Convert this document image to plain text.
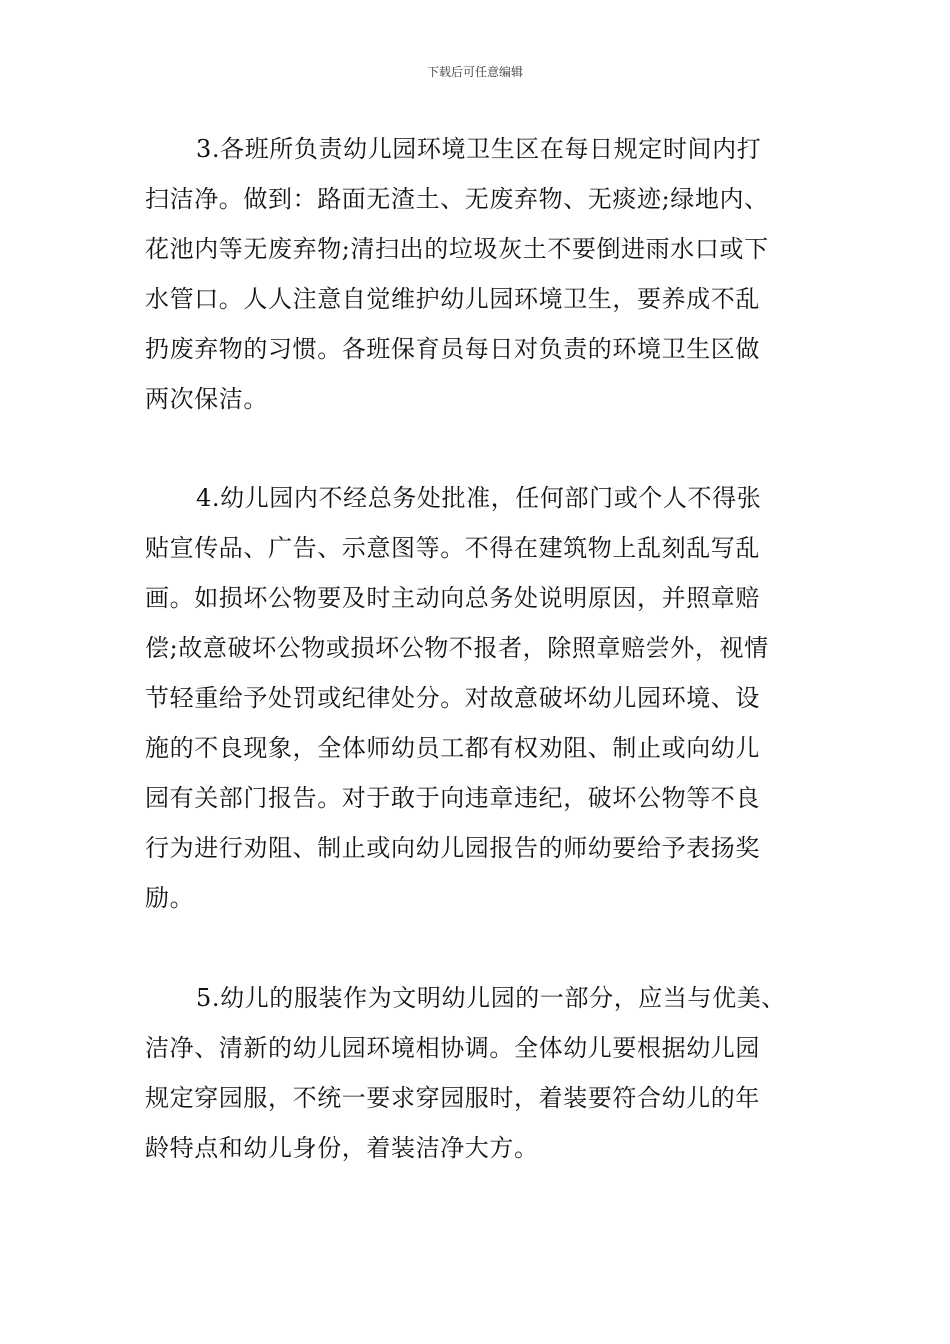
下载后可任意编辑
3.各班所负责幼儿园环境卫生区在每日规定时间内打
扫洁净。做到：路面无渣土、无废弃物、无痰迹;绿地内、
花池内等无废弃物;清扫出的垃圾灰土不要倒进雨水口或下
水管口。人人注意自觉维护幼儿园环境卫生，要养成不乱
扔废弃物的习惯。各班保育员每日对负责的环境卫生区做
两次保洁。
4.幼儿园内不经总务处批准，任何部门或个人不得张
贴宣传品、广告、示意图等。不得在建筑物上乱刻乱写乱
画。如损坏公物要及时主动向总务处说明原因，并照章赔
偿;故意破坏公物或损坏公物不报者，除照章赔尝外，视情
节轻重给予处罚或纪律处分。对故意破坏幼儿园环境、设
施的不良现象，全体师幼员工都有权劝阻、制止或向幼儿
园有关部门报告。对于敢于向违章违纪，破坏公物等不良
行为进行劝阻、制止或向幼儿园报告的师幼要给予表扬奖
励。
5.幼儿的服装作为文明幼儿园的一部分，应当与优美、
洁净、清新的幼儿园环境相协调。全体幼儿要根据幼儿园
规定穿园服，不统一要求穿园服时，着装要符合幼儿的年
龄特点和幼儿身份，着装洁净大方。
